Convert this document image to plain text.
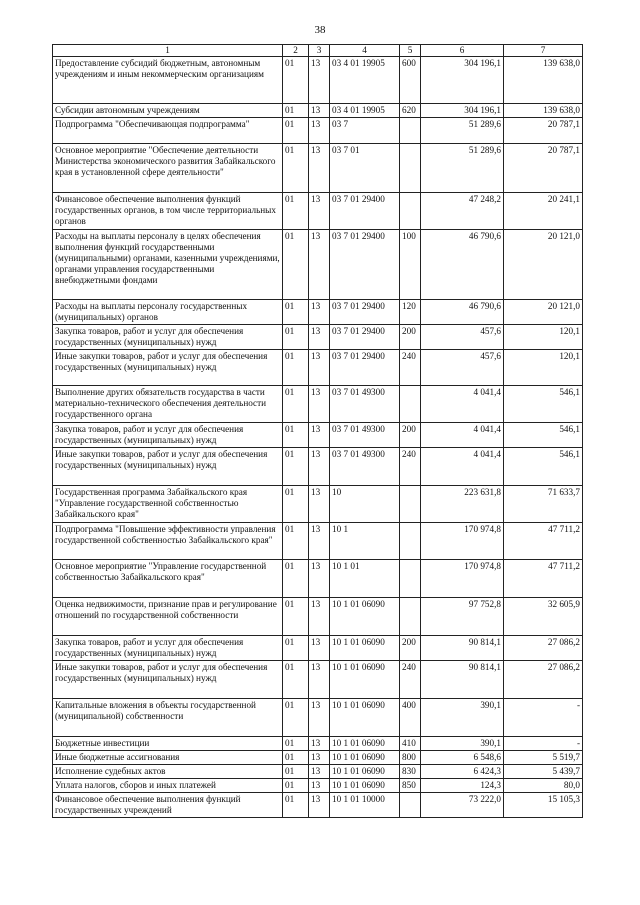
38
1	2	3	4	5	6	7
Предоставление субсидий бюджетным, автономным учреждениям и иным некоммерческим организациям	01	13	03 4 01 19905	600	304 196,1	139 638,0
Субсидии автономным учреждениям	01	13	03 4 01 19905	620	304 196,1	139 638,0
Подпрограмма "Обеспечивающая подпрограмма"	01	13	03 7		51 289,6	20 787,1
Основное мероприятие "Обеспечение деятельности Министерства экономического развития Забайкальского края в установленной сфере деятельности"	01	13	03 7 01		51 289,6	20 787,1
Финансовое обеспечение выполнения функций государственных органов, в том числе территориальных органов	01	13	03 7 01 29400		47 248,2	20 241,1
Расходы на выплаты персоналу в целях обеспечения выполнения функций государственными (муниципальными) органами, казенными учреждениями, органами управления государственными внебюджетными фондами	01	13	03 7 01 29400	100	46 790,6	20 121,0
Расходы на выплаты персоналу государственных (муниципальных) органов	01	13	03 7 01 29400	120	46 790,6	20 121,0
Закупка товаров, работ и услуг для обеспечения государственных (муниципальных) нужд	01	13	03 7 01 29400	200	457,6	120,1
Иные закупки товаров, работ и услуг для обеспечения государственных (муниципальных) нужд	01	13	03 7 01 29400	240	457,6	120,1
Выполнение других обязательств государства в части материально-технического обеспечения деятельности государственного органа	01	13	03 7 01 49300		4 041,4	546,1
Закупка товаров, работ и услуг для обеспечения государственных (муниципальных) нужд	01	13	03 7 01 49300	200	4 041,4	546,1
Иные закупки товаров, работ и услуг для обеспечения государственных (муниципальных) нужд	01	13	03 7 01 49300	240	4 041,4	546,1
Государственная программа Забайкальского края "Управление государственной собственностью Забайкальского края"	01	13	10		223 631,8	71 633,7
Подпрограмма "Повышение эффективности управления государственной собственностью Забайкальского края"	01	13	10 1		170 974,8	47 711,2
Основное мероприятие "Управление государственной собственностью Забайкальского края"	01	13	10 1 01		170 974,8	47 711,2
Оценка недвижимости, признание прав и регулирование отношений по государственной собственности	01	13	10 1 01 06090		97 752,8	32 605,9
Закупка товаров, работ и услуг для обеспечения государственных (муниципальных) нужд	01	13	10 1 01 06090	200	90 814,1	27 086,2
Иные закупки товаров, работ и услуг для обеспечения государственных (муниципальных) нужд	01	13	10 1 01 06090	240	90 814,1	27 086,2
Капитальные вложения в объекты государственной (муниципальной) собственности	01	13	10 1 01 06090	400	390,1	-
Бюджетные инвестиции	01	13	10 1 01 06090	410	390,1	-
Иные бюджетные ассигнования	01	13	10 1 01 06090	800	6 548,6	5 519,7
Исполнение судебных актов	01	13	10 1 01 06090	830	6 424,3	5 439,7
Уплата налогов, сборов и иных платежей	01	13	10 1 01 06090	850	124,3	80,0
Финансовое обеспечение выполнения функций государственных учреждений	01	13	10 1 01 10000		73 222,0	15 105,3
